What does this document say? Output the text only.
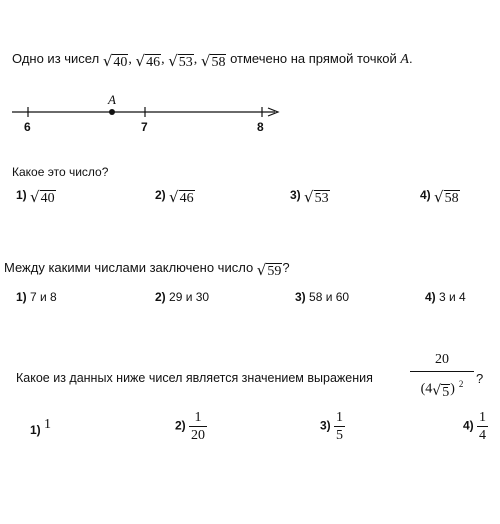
Одно из чисел √ 40 , √ 46 , √ 53 , √ 58 отмечено на прямой точкой A.
A
6	7	8
Какое это число?
1) √ 40	2) √ 46	3) √ 53	4) √ 58
Между какими числами заключено число √ 59 ?
1) 7 и 8	2) 29 и 30	3) 58 и 60	4) 3 и 4
Какое из данных ниже чисел является значением выражения
20
(4 √ 5 ) $^2$ ?
1) 1	$2) \frac{1}{20}$	$3) \frac{1}{5}$	$4) \frac{1}{4}$
